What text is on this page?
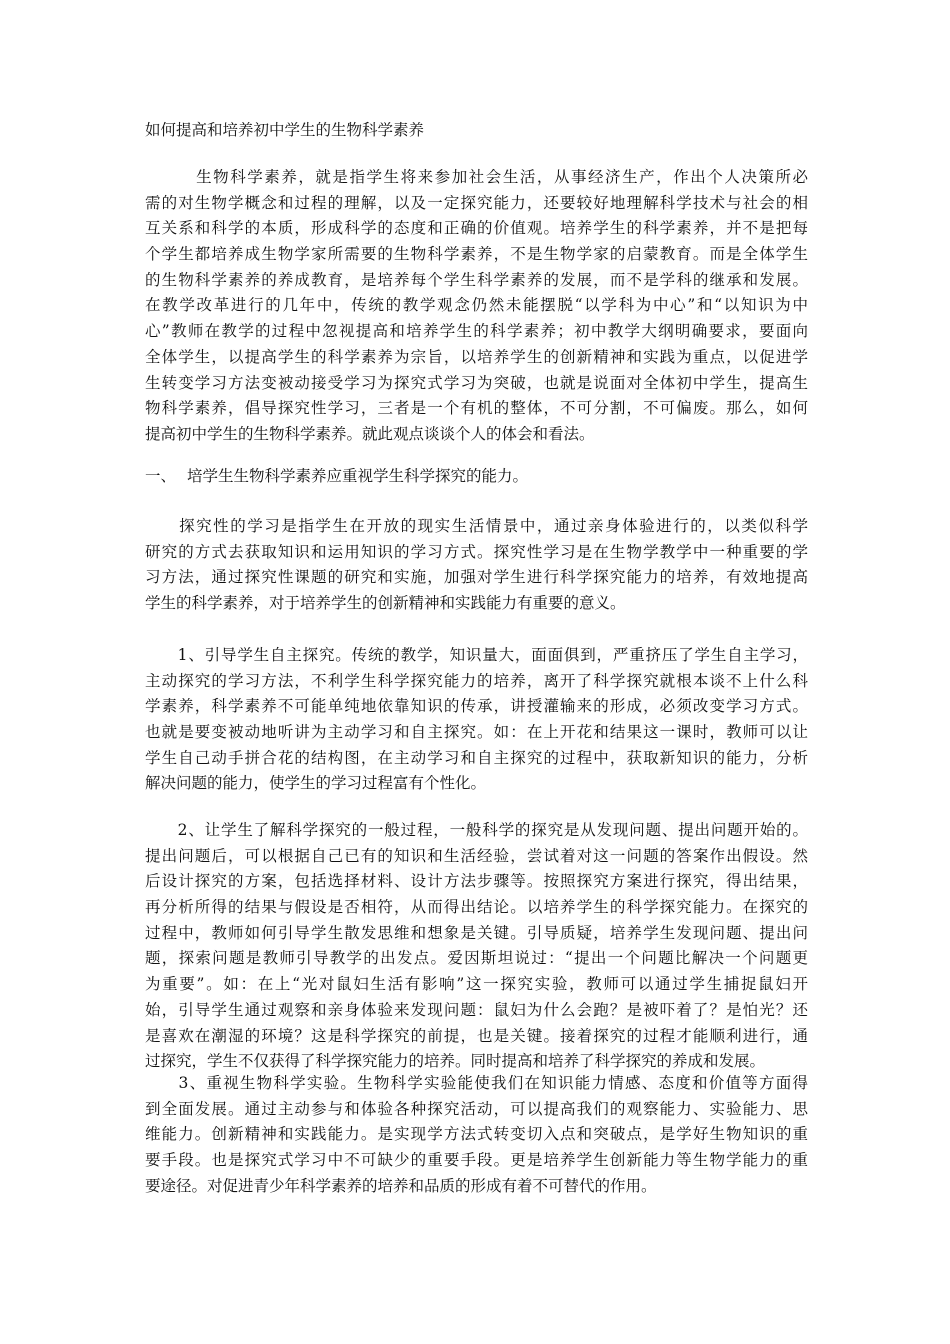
如何提高和培养初中学生的生物科学素养
　　　生物科学素养，就是指学生将来参加社会生活，从事经济生产，作出个人决策所必
需的对生物学概念和过程的理解，以及一定探究能力，还要较好地理解科学技术与社会的相
互关系和科学的本质，形成科学的态度和正确的价值观。培养学生的科学素养，并不是把每
个学生都培养成生物学家所需要的生物科学素养，不是生物学家的启蒙教育。而是全体学生
的生物科学素养的养成教育，是培养每个学生科学素养的发展，而不是学科的继承和发展。
在教学改革进行的几年中，传统的教学观念仍然未能摆脱“以学科为中心”和“以知识为中
心”教师在教学的过程中忽视提高和培养学生的科学素养；初中教学大纲明确要求，要面向
全体学生，以提高学生的科学素养为宗旨，以培养学生的创新精神和实践为重点，以促进学
生转变学习方法变被动接受学习为探究式学习为突破，也就是说面对全体初中学生，提高生
物科学素养，倡导探究性学习，三者是一个有机的整体，不可分割，不可偏废。那么，如何
提高初中学生的生物科学素养。就此观点谈谈个人的体会和看法。
一、 培学生生物科学素养应重视学生科学探究的能力。
　　探究性的学习是指学生在开放的现实生活情景中，通过亲身体验进行的，以类似科学
研究的方式去获取知识和运用知识的学习方式。探究性学习是在生物学教学中一种重要的学
习方法，通过探究性课题的研究和实施，加强对学生进行科学探究能力的培养，有效地提高
学生的科学素养，对于培养学生的创新精神和实践能力有重要的意义。
　　1、引导学生自主探究。传统的教学，知识量大，面面俱到，严重挤压了学生自主学习，
主动探究的学习方法，不利学生科学探究能力的培养，离开了科学探究就根本谈不上什么科
学素养，科学素养不可能单纯地依靠知识的传承，讲授灌输来的形成，必须改变学习方式。
也就是要变被动地听讲为主动学习和自主探究。如：在上开花和结果这一课时，教师可以让
学生自己动手拼合花的结构图，在主动学习和自主探究的过程中，获取新知识的能力，分析
解决问题的能力，使学生的学习过程富有个性化。
　　2、让学生了解科学探究的一般过程，一般科学的探究是从发现问题、提出问题开始的。
提出问题后，可以根据自己已有的知识和生活经验，尝试着对这一问题的答案作出假设。然
后设计探究的方案，包括选择材料、设计方法步骤等。按照探究方案进行探究，得出结果，
再分析所得的结果与假设是否相符，从而得出结论。以培养学生的科学探究能力。在探究的
过程中，教师如何引导学生散发思维和想象是关键。引导质疑，培养学生发现问题、提出问
题，探索问题是教师引导教学的出发点。爱因斯坦说过：“提出一个问题比解决一个问题更
为重要”。如：在上“光对鼠妇生活有影响”这一探究实验，教师可以通过学生捕捉鼠妇开
始，引导学生通过观察和亲身体验来发现问题：鼠妇为什么会跑？是被吓着了？是怕光？还
是喜欢在潮湿的环境？这是科学探究的前提，也是关键。接着探究的过程才能顺利进行，通
过探究，学生不仅获得了科学探究能力的培养。同时提高和培养了科学探究的养成和发展。
　　3、重视生物科学实验。生物科学实验能使我们在知识能力情感、态度和价值等方面得
到全面发展。通过主动参与和体验各种探究活动，可以提高我们的观察能力、实验能力、思
维能力。创新精神和实践能力。是实现学方法式转变切入点和突破点，是学好生物知识的重
要手段。也是探究式学习中不可缺少的重要手段。更是培养学生创新能力等生物学能力的重
要途径。对促进青少年科学素养的培养和品质的形成有着不可替代的作用。
